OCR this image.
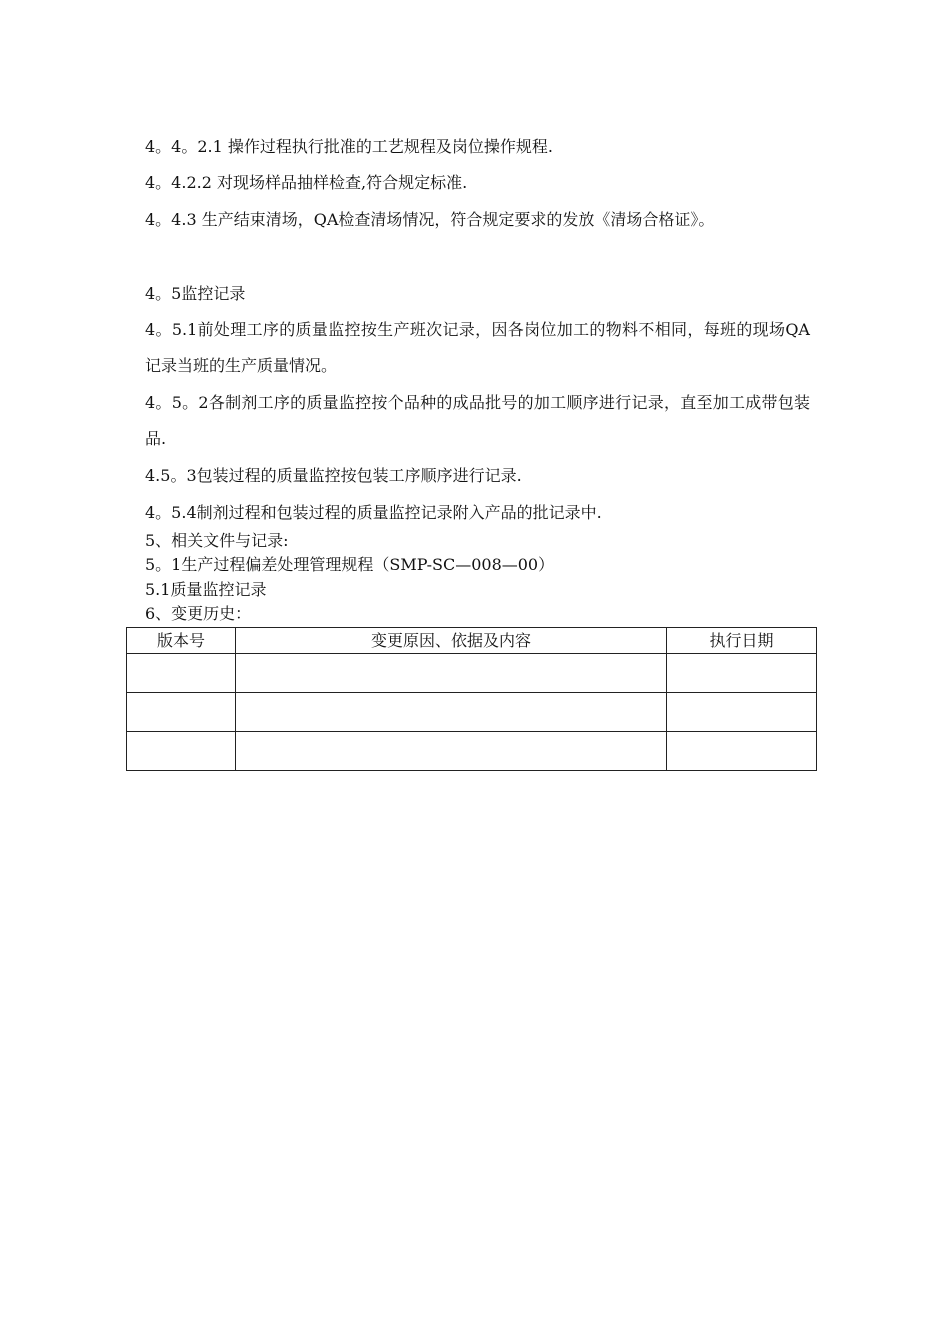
4。4。2.1 操作过程执行批准的工艺规程及岗位操作规程.

4。4.2.2 对现场样品抽样检查,符合规定标准.

4。4.3 生产结束清场，QA检查清场情况，符合规定要求的发放《清场合格证》。

4。5监控记录

4。5.1前处理工序的质量监控按生产班次记录，因各岗位加工的物料不相同，每班的现场QA 记录当班的生产质量情况。

4。5。2各制剂工序的质量监控按个品种的成品批号的加工顺序进行记录，直至加工成带包装品.

4.5。3包装过程的质量监控按包装工序顺序进行记录.

4。5.4制剂过程和包装过程的质量监控记录附入产品的批记录中.

5、相关文件与记录:

5。1生产过程偏差处理管理规程（SMP-SC—008—00）

5.1质量监控记录

6、变更历史：

版本号	变更原因、依据及内容	执行日期
